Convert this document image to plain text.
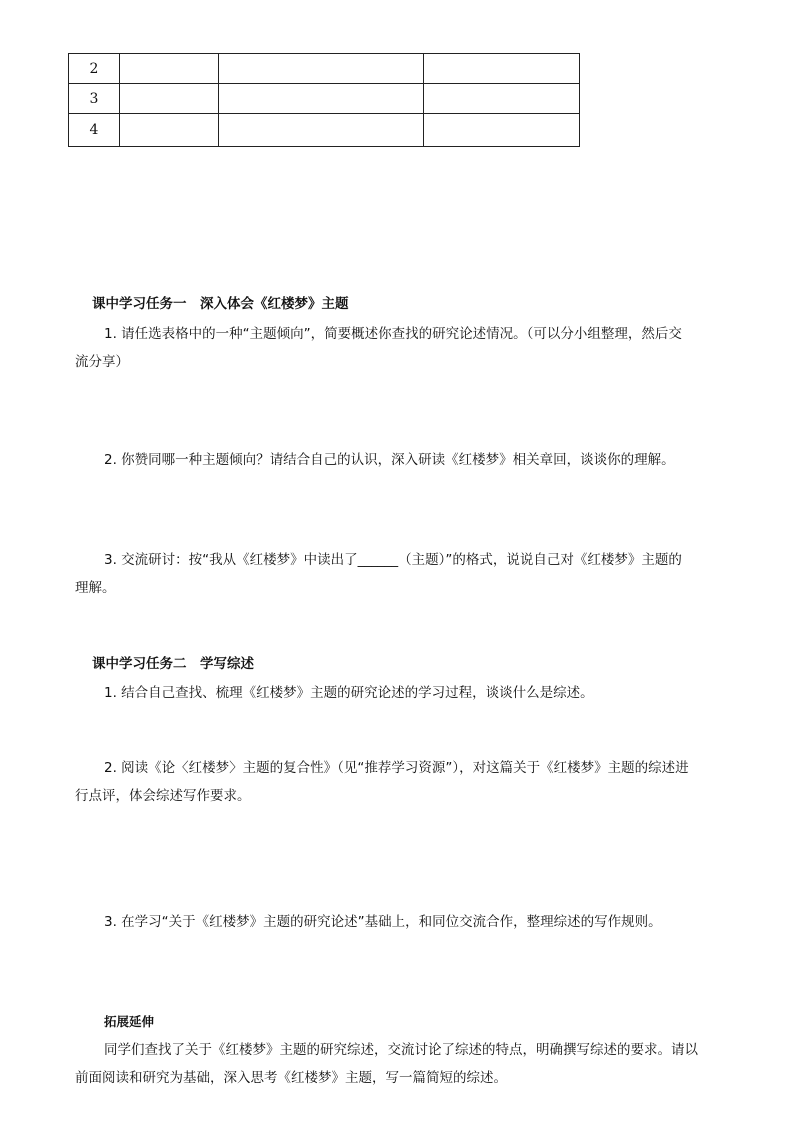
2			
3			
4			
课中学习任务一　深入体会《红楼梦》主题
1. 请任选表格中的一种“主题倾向”，简要概述你查找的研究论述情况。（可以分小组整理，然后交
流分享）
2. 你赞同哪一种主题倾向？请结合自己的认识，深入研读《红楼梦》相关章回，谈谈你的理解。
3. 交流研讨：按“我从《红楼梦》中读出了______（主题）”的格式，说说自己对《红楼梦》主题的
理解。
课中学习任务二　学写综述
1. 结合自己查找、梳理《红楼梦》主题的研究论述的学习过程，谈谈什么是综述。
2. 阅读《论〈红楼梦〉主题的复合性》（见“推荐学习资源”），对这篇关于《红楼梦》主题的综述进
行点评，体会综述写作要求。
3. 在学习“关于《红楼梦》主题的研究论述”基础上，和同位交流合作，整理综述的写作规则。
拓展延伸
同学们查找了关于《红楼梦》主题的研究综述，交流讨论了综述的特点，明确撰写综述的要求。请以
前面阅读和研究为基础，深入思考《红楼梦》主题，写一篇简短的综述。
